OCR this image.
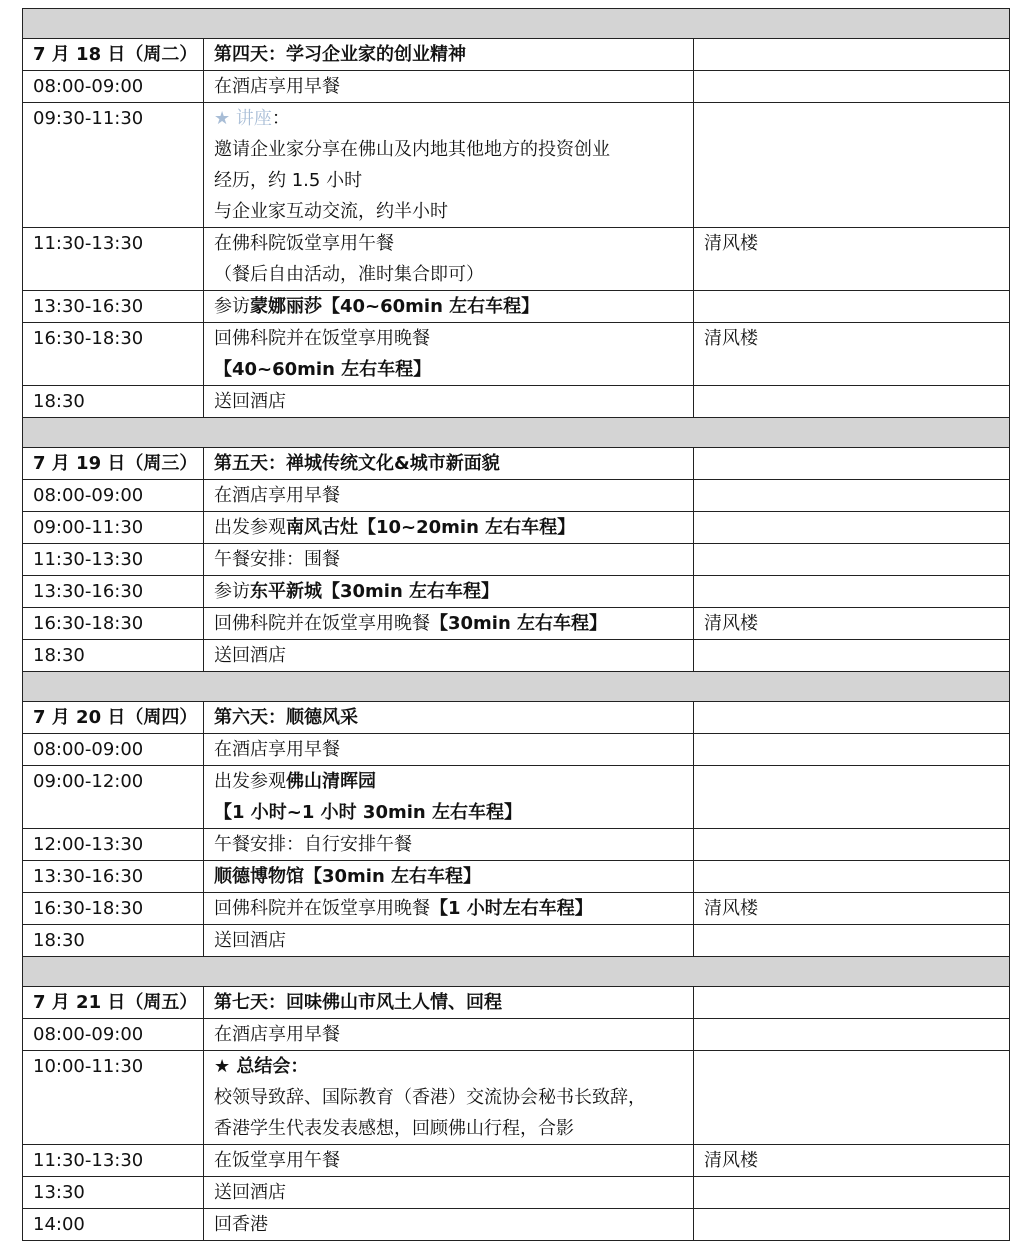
7 月 18 日（周二）	第四天：学习企业家的创业精神	
08:00-09:00	在酒店享用早餐	

09:30-11:30	★ 讲座：
邀请企业家分享在佛山及内地其他地方的投资创业
经历，约 1.5 小时
与企业家互动交流，约半小时	

11:30-13:30	在佛科院饭堂享用午餐
（餐后自由活动，准时集合即可）	清风楼
13:30-16:30	参访蒙娜丽莎【40~60min 左右车程】	

16:30-18:30	回佛科院并在饭堂享用晚餐
【40~60min 左右车程】	清风楼
18:30	送回酒店	

7 月 19 日（周三）	第五天：禅城传统文化&城市新面貌	
08:00-09:00	在酒店享用早餐	

09:00-11:30	出发参观南风古灶【10~20min 左右车程】	

11:30-13:30	午餐安排：围餐	

13:30-16:30	参访东平新城【30min 左右车程】	

16:30-18:30	回佛科院并在饭堂享用晚餐【30min 左右车程】	清风楼
18:30	送回酒店	

7 月 20 日（周四）	第六天：顺德风采	
08:00-09:00	在酒店享用早餐	

09:00-12:00	出发参观佛山清晖园
【1 小时~1 小时 30min 左右车程】	

12:00-13:30	午餐安排：自行安排午餐	

13:30-16:30	顺德博物馆【30min 左右车程】	

16:30-18:30	回佛科院并在饭堂享用晚餐【1 小时左右车程】	清风楼
18:30	送回酒店	

7 月 21 日（周五）	第七天：回味佛山市风土人情、回程	
08:00-09:00	在酒店享用早餐	

10:00-11:30	★ 总结会：
校领导致辞、国际教育（香港）交流协会秘书长致辞，
香港学生代表发表感想，回顾佛山行程，合影	

11:30-13:30	在饭堂享用午餐	清风楼
13:30	送回酒店	

14:00	回香港	
